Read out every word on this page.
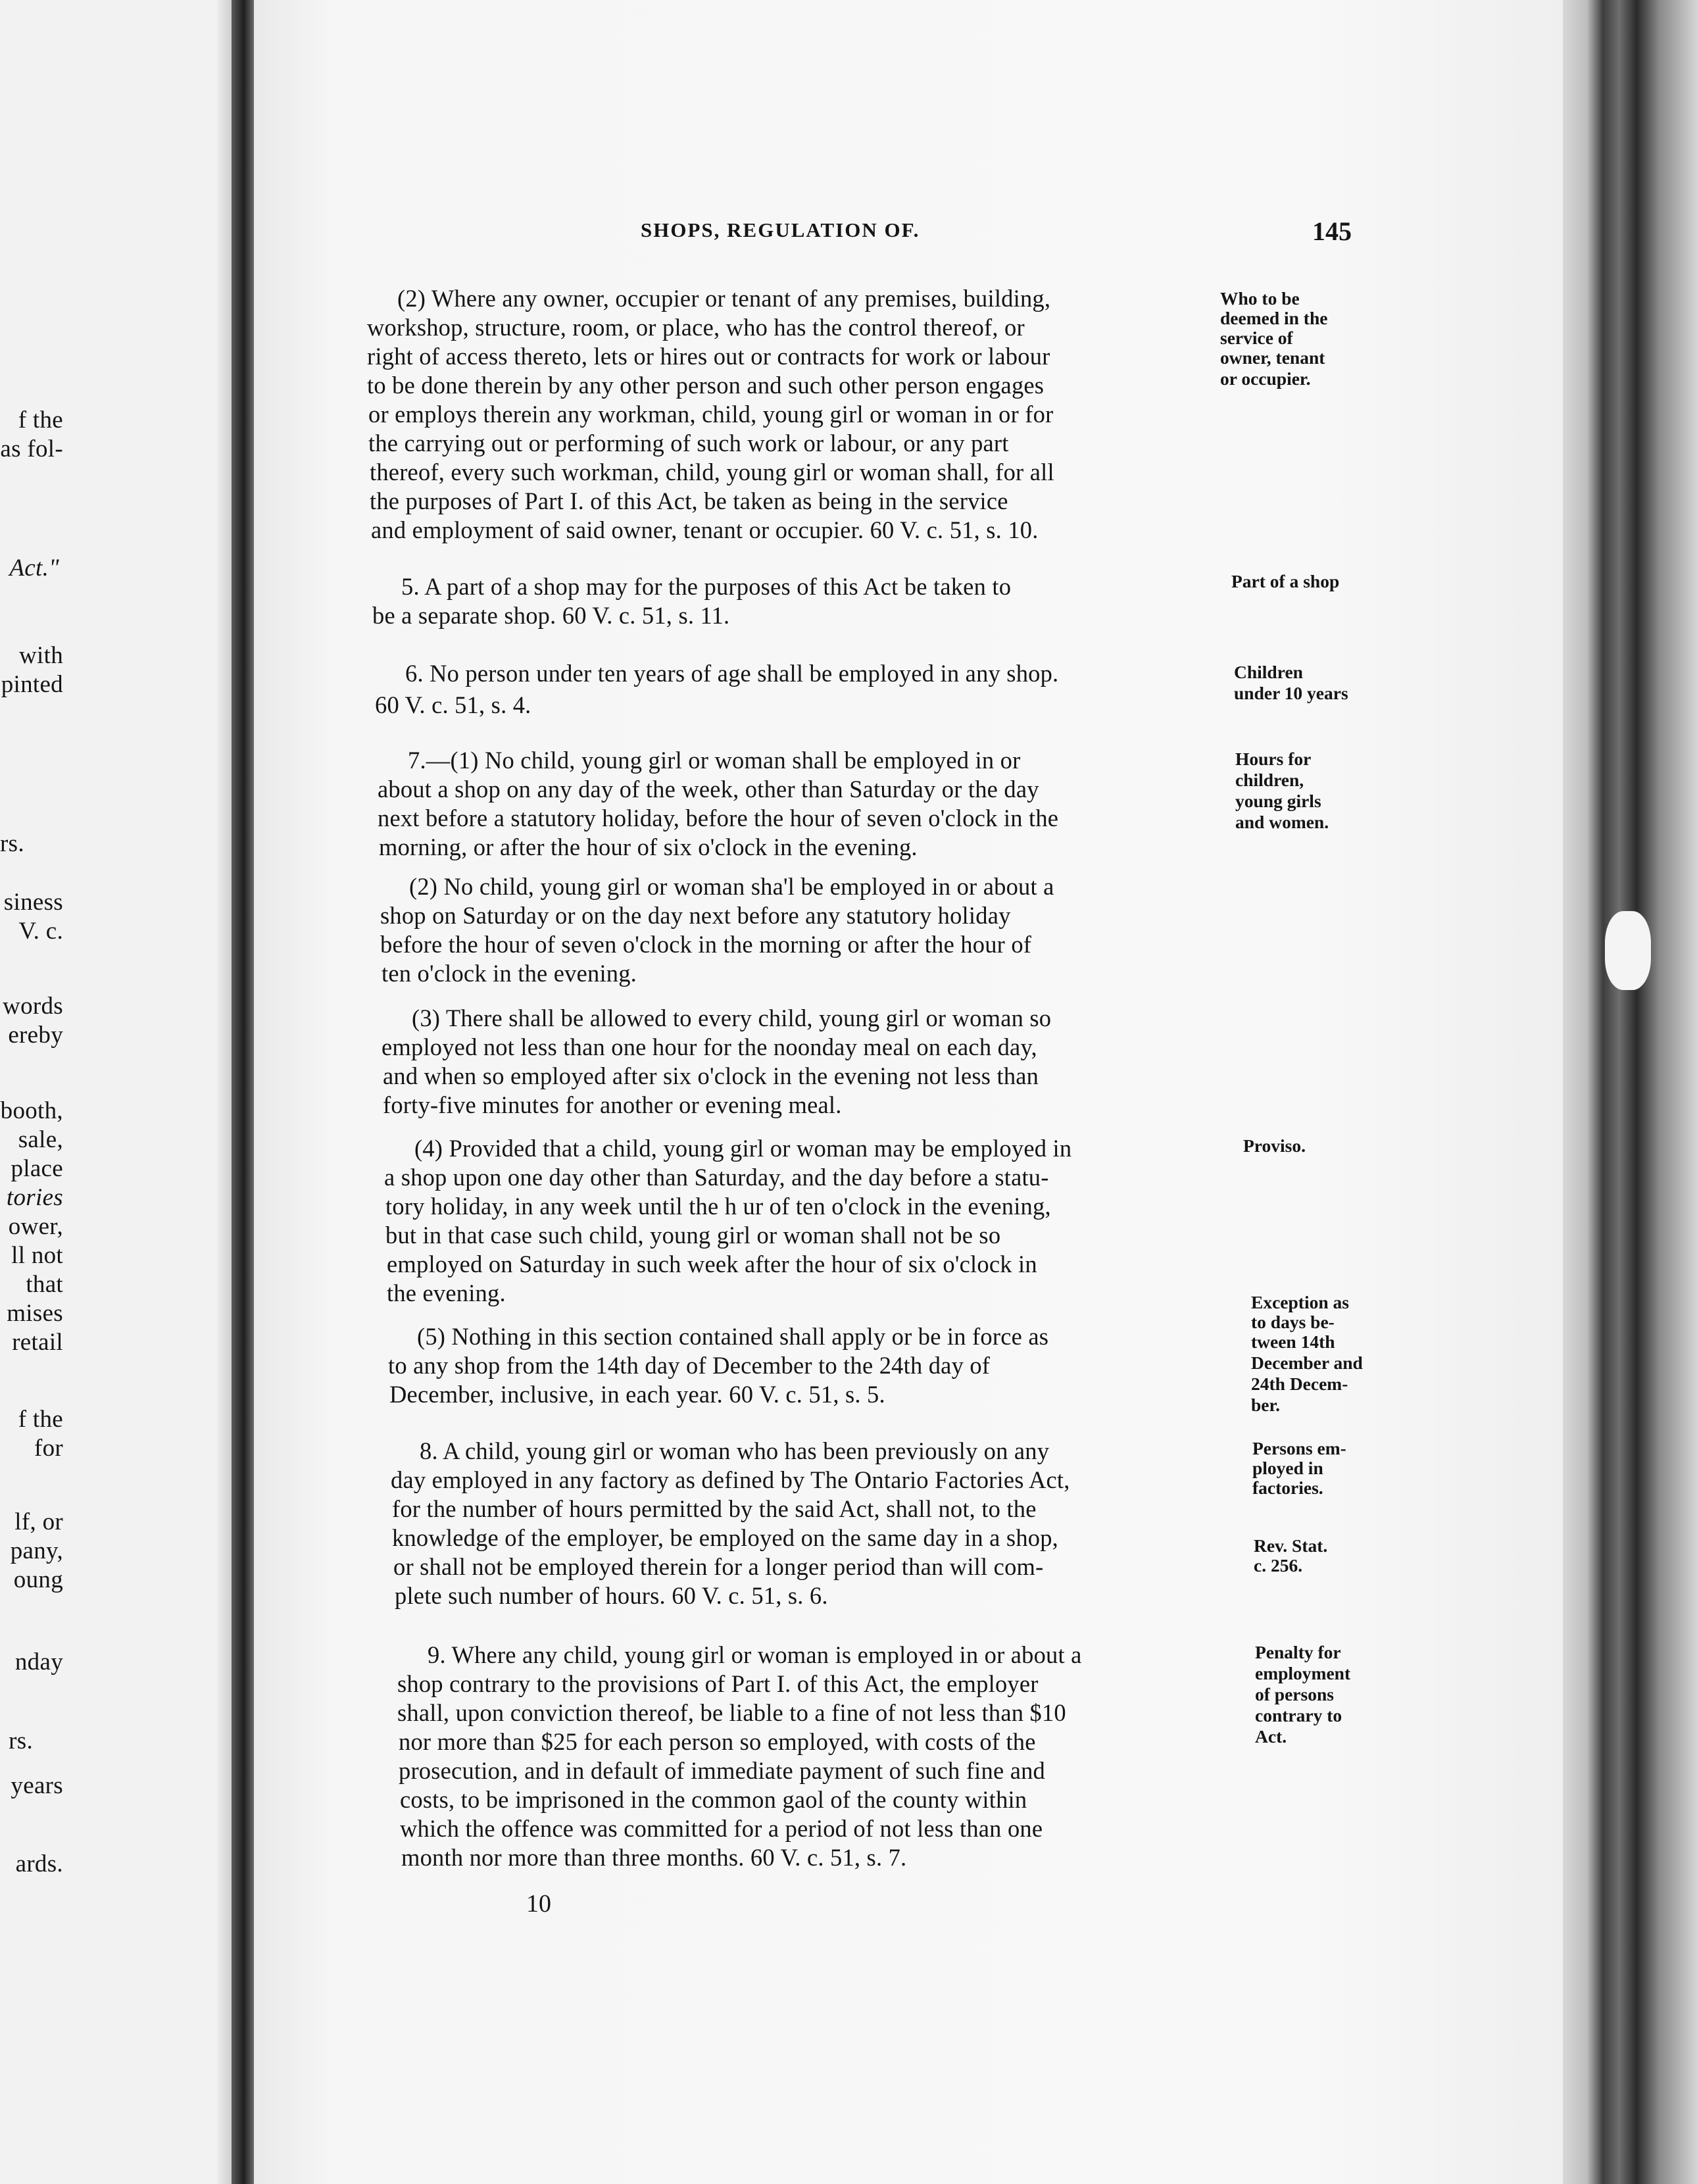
f the
as fol-
Act."
with
pinted
rs.
siness
V. c.
words
ereby
booth,
sale,
place
tories
ower,
ll not
that
mises
retail
f the
for
lf, or
pany,
oung
nday
rs.
years
ards.
SHOPS, REGULATION OF.	145
(2) Where any owner, occupier or tenant of any premises, building,
workshop, structure, room, or place, who has the control thereof, or
right of access thereto, lets or hires out or contracts for work or labour
to be done therein by any other person and such other person engages
or employs therein any workman, child, young girl or woman in or for
the carrying out or performing of such work or labour, or any part
thereof, every such workman, child, young girl or woman shall, for all
the purposes of Part I. of this Act, be taken as being in the service
and employment of said owner, tenant or occupier. 60 V. c. 51, s. 10.
5. A part of a shop may for the purposes of this Act be taken to
be a separate shop. 60 V. c. 51, s. 11.
6. No person under ten years of age shall be employed in any shop.
60 V. c. 51, s. 4.
7.—(1) No child, young girl or woman shall be employed in or
about a shop on any day of the week, other than Saturday or the day
next before a statutory holiday, before the hour of seven o'clock in the
morning, or after the hour of six o'clock in the evening.
(2) No child, young girl or woman sha'l be employed in or about a
shop on Saturday or on the day next before any statutory holiday
before the hour of seven o'clock in the morning or after the hour of
ten o'clock in the evening.
(3) There shall be allowed to every child, young girl or woman so
employed not less than one hour for the noonday meal on each day,
and when so employed after six o'clock in the evening not less than
forty-five minutes for another or evening meal.
(4) Provided that a child, young girl or woman may be employed in
a shop upon one day other than Saturday, and the day before a statu-
tory holiday, in any week until the h ur of ten o'clock in the evening,
but in that case such child, young girl or woman shall not be so
employed on Saturday in such week after the hour of six o'clock in
the evening.
(5) Nothing in this section contained shall apply or be in force as
to any shop from the 14th day of December to the 24th day of
December, inclusive, in each year. 60 V. c. 51, s. 5.
8. A child, young girl or woman who has been previously on any
day employed in any factory as defined by The Ontario Factories Act,
for the number of hours permitted by the said Act, shall not, to the
knowledge of the employer, be employed on the same day in a shop,
or shall not be employed therein for a longer period than will com-
plete such number of hours. 60 V. c. 51, s. 6.
9. Where any child, young girl or woman is employed in or about a
shop contrary to the provisions of Part I. of this Act, the employer
shall, upon conviction thereof, be liable to a fine of not less than $10
nor more than $25 for each person so employed, with costs of the
prosecution, and in default of immediate payment of such fine and
costs, to be imprisoned in the common gaol of the county within
which the offence was committed for a period of not less than one
month nor more than three months. 60 V. c. 51, s. 7.
Who to be
deemed in the
service of
owner, tenant
or occupier.
Part of a shop
Children
under 10 years
Hours for
children,
young girls
and women.
Proviso.
Exception as
to days be-
tween 14th
December and
24th Decem-
ber.
Persons em-
ployed in
factories.
Rev. Stat.
c. 256.
Penalty for
employment
of persons
contrary to
Act.
10
